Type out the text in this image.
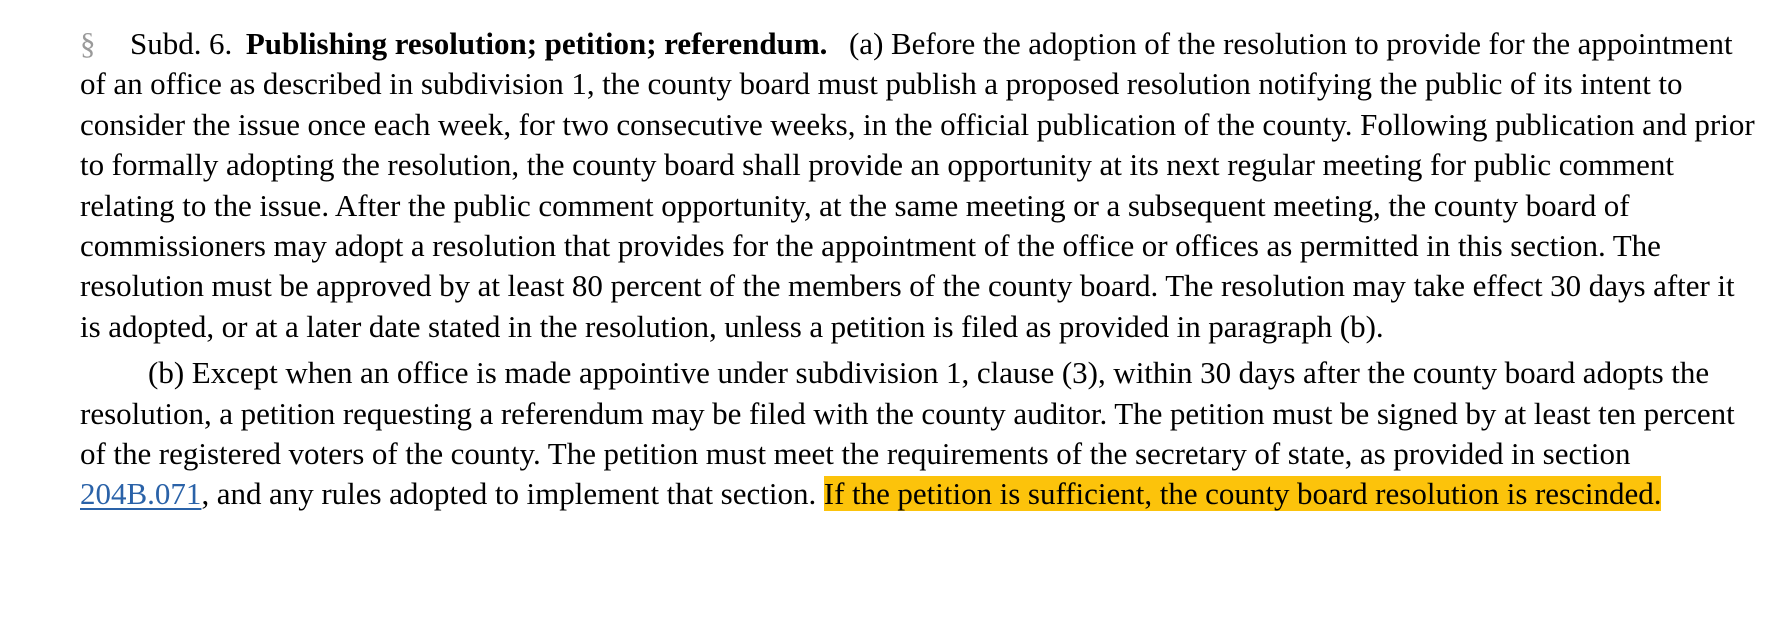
§ Subd. 6. Publishing resolution; petition; referendum. (a) Before the adoption of the resolution to provide for the appointment of an office as described in subdivision 1, the county board must publish a proposed resolution notifying the public of its intent to consider the issue once each week, for two consecutive weeks, in the official publication of the county. Following publication and prior to formally adopting the resolution, the county board shall provide an opportunity at its next regular meeting for public comment relating to the issue. After the public comment opportunity, at the same meeting or a subsequent meeting, the county board of commissioners may adopt a resolution that provides for the appointment of the office or offices as permitted in this section. The resolution must be approved by at least 80 percent of the members of the county board. The resolution may take effect 30 days after it is adopted, or at a later date stated in the resolution, unless a petition is filed as provided in paragraph (b).

(b) Except when an office is made appointive under subdivision 1, clause (3), within 30 days after the county board adopts the resolution, a petition requesting a referendum may be filed with the county auditor. The petition must be signed by at least ten percent of the registered voters of the county. The petition must meet the requirements of the secretary of state, as provided in section 204B.071, and any rules adopted to implement that section. If the petition is sufficient, the county board resolution is rescinded.
